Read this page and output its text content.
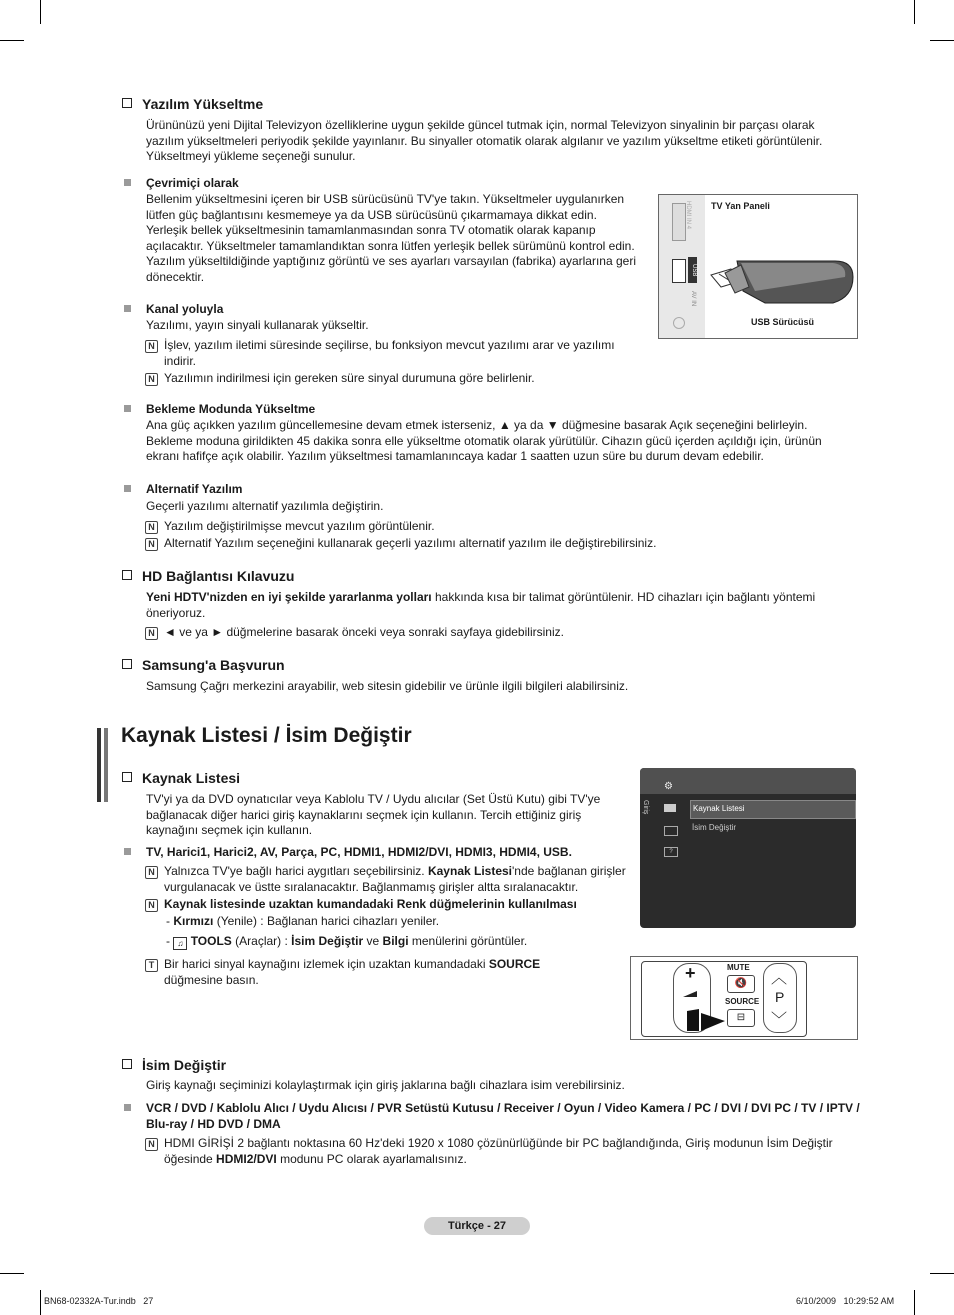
Yazılım Yükseltme
Ürününüzü yeni Dijital Televizyon özelliklerine uygun şekilde güncel tutmak için, normal Televizyon sinyalinin bir parçası olarak yazılım yükseltmeleri periyodik şekilde yayınlanır. Bu sinyaller otomatik olarak algılanır ve yazılım yükseltme etiketi görüntülenir. Yükseltmeyi yükleme seçeneği sunulur.
Çevrimiçi olarak
Bellenim yükseltmesini içeren bir USB sürücüsünü TV'ye takın. Yükseltmeler uygulanırken lütfen güç bağlantısını kesmemeye ya da USB sürücüsünü çıkarmamaya dikkat edin. Yerleşik bellek yükseltmesinin tamamlanmasından sonra TV otomatik olarak kapanıp açılacaktır. Yükseltmeler tamamlandıktan sonra lütfen yerleşik bellek sürümünü kontrol edin. Yazılım yükseltildiğinde yaptığınız görüntü ve ses ayarları varsayılan (fabrika) ayarlarına geri dönecektir.
Kanal yoluyla
Yazılımı, yayın sinyali kullanarak yükseltir.
N İşlev, yazılım iletimi süresinde seçilirse, bu fonksiyon mevcut yazılımı arar ve yazılımı indirir.
N Yazılımın indirilmesi için gereken süre sinyal durumuna göre belirlenir.
Bekleme Modunda Yükseltme
Ana güç açıkken yazılım güncellemesine devam etmek isterseniz, ▲ ya da ▼ düğmesine basarak Açık seçeneğini belirleyin. Bekleme moduna girildikten 45 dakika sonra elle yükseltme otomatik olarak yürütülür. Cihazın gücü içerden açıldığı için, ürünün ekranı hafifçe açık olabilir. Yazılım yükseltmesi tamamlanıncaya kadar 1 saatten uzun süre bu durum devam edebilir.
Alternatif Yazılım
Geçerli yazılımı alternatif yazılımla değiştirin.
N Yazılım değiştirilmişse mevcut yazılım görüntülenir.
N Alternatif Yazılım seçeneğini kullanarak geçerli yazılımı alternatif yazılım ile değiştirebilirsiniz.
HDMI IN 4
USB
AV IN
TV Yan Paneli
USB Sürücüsü
HD Bağlantısı Kılavuzu
Yeni HDTV'nizden en iyi şekilde yararlanma yolları hakkında kısa bir talimat görüntülenir. HD cihazları için bağlantı yöntemi öneriyoruz.
N ◄ ve ya ► düğmelerine basarak önceki veya sonraki sayfaya gidebilirsiniz.
Samsung'a Başvurun
Samsung Çağrı merkezini arayabilir, web sitesin gidebilir ve ürünle ilgili bilgileri alabilirsiniz.
Kaynak Listesi / İsim Değiştir
Kaynak Listesi
TV'yi ya da DVD oynatıcılar veya Kablolu TV / Uydu alıcılar (Set Üstü Kutu) gibi TV'ye bağlanacak diğer harici giriş kaynaklarını seçmek için kullanın. Tercih ettiğiniz giriş kaynağını seçmek için kullanın.
TV, Harici1, Harici2, AV, Parça, PC, HDMI1, HDMI2/DVI, HDMI3, HDMI4, USB.
N Yalnızca TV'ye bağlı harici aygıtları seçebilirsiniz. Kaynak Listesi'nde bağlanan girişler vurgulanacak ve üstte sıralanacaktır. Bağlanmamış girişler altta sıralanacaktır.
N Kaynak listesinde uzaktan kumandadaki Renk düğmelerinin kullanılması
- Kırmızı (Yenile) : Bağlanan harici cihazları yeniler.
- ♫ TOOLS (Araçlar) : İsim Değiştir ve Bilgi menülerini görüntüler.
T Bir harici sinyal kaynağını izlemek için uzaktan kumandadaki SOURCE düğmesine basın.
Giriş
⚙
?
Kaynak Listesi
İsim Değiştir
+	MUTE
🔇
SOURCE
⊟
︿
P
﹀
İsim Değiştir
Giriş kaynağı seçiminizi kolaylaştırmak için giriş jaklarına bağlı cihazlara isim verebilirsiniz.
VCR / DVD / Kablolu Alıcı / Uydu Alıcısı / PVR Setüstü Kutusu / Receiver / Oyun / Video Kamera / PC / DVI / DVI PC / TV / IPTV / Blu-ray / HD DVD / DMA
N HDMI GİRİŞİ 2 bağlantı noktasına 60 Hz'deki 1920 x 1080 çözünürlüğünde bir PC bağlandığında, Giriş modunun İsim Değiştir öğesinde HDMI2/DVI modunu PC olarak ayarlamalısınız.
Türkçe - 27
BN68-02332A-Tur.indb   27	6/10/2009   10:29:52 AM
